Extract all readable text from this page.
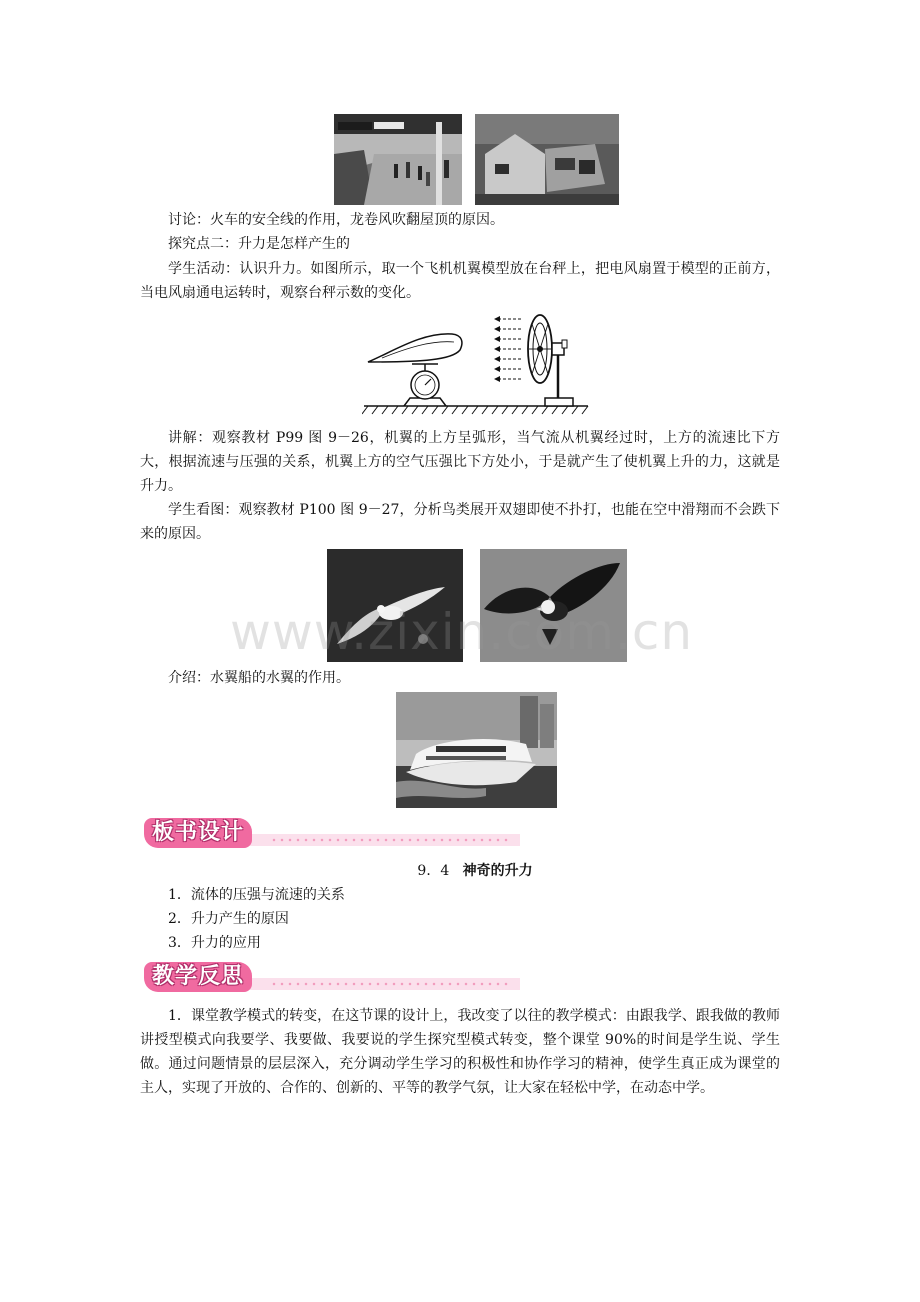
讨论：火车的安全线的作用，龙卷风吹翻屋顶的原因。
探究点二：升力是怎样产生的
学生活动：认识升力。如图所示，取一个飞机机翼模型放在台秤上，把电风扇置于模型的正前方，当电风扇通电运转时，观察台秤示数的变化。
讲解：观察教材 P99 图 9－26，机翼的上方呈弧形，当气流从机翼经过时，上方的流速比下方大，根据流速与压强的关系，机翼上方的空气压强比下方处小，于是就产生了使机翼上升的力，这就是升力。
学生看图：观察教材 P100 图 9－27，分析鸟类展开双翅即使不扑打，也能在空中滑翔而不会跌下来的原因。
www.zixin.com.cn
介绍：水翼船的水翼的作用。
板书设计
9．4 神奇的升力
1．流体的压强与流速的关系
2．升力产生的原因
3．升力的应用
教学反思
1．课堂教学模式的转变，在这节课的设计上，我改变了以往的教学模式：由跟我学、跟我做的教师讲授型模式向我要学、我要做、我要说的学生探究型模式转变，整个课堂 90%的时间是学生说、学生做。通过问题情景的层层深入，充分调动学生学习的积极性和协作学习的精神，使学生真正成为课堂的主人，实现了开放的、合作的、创新的、平等的教学气氛，让大家在轻松中学，在动态中学。
